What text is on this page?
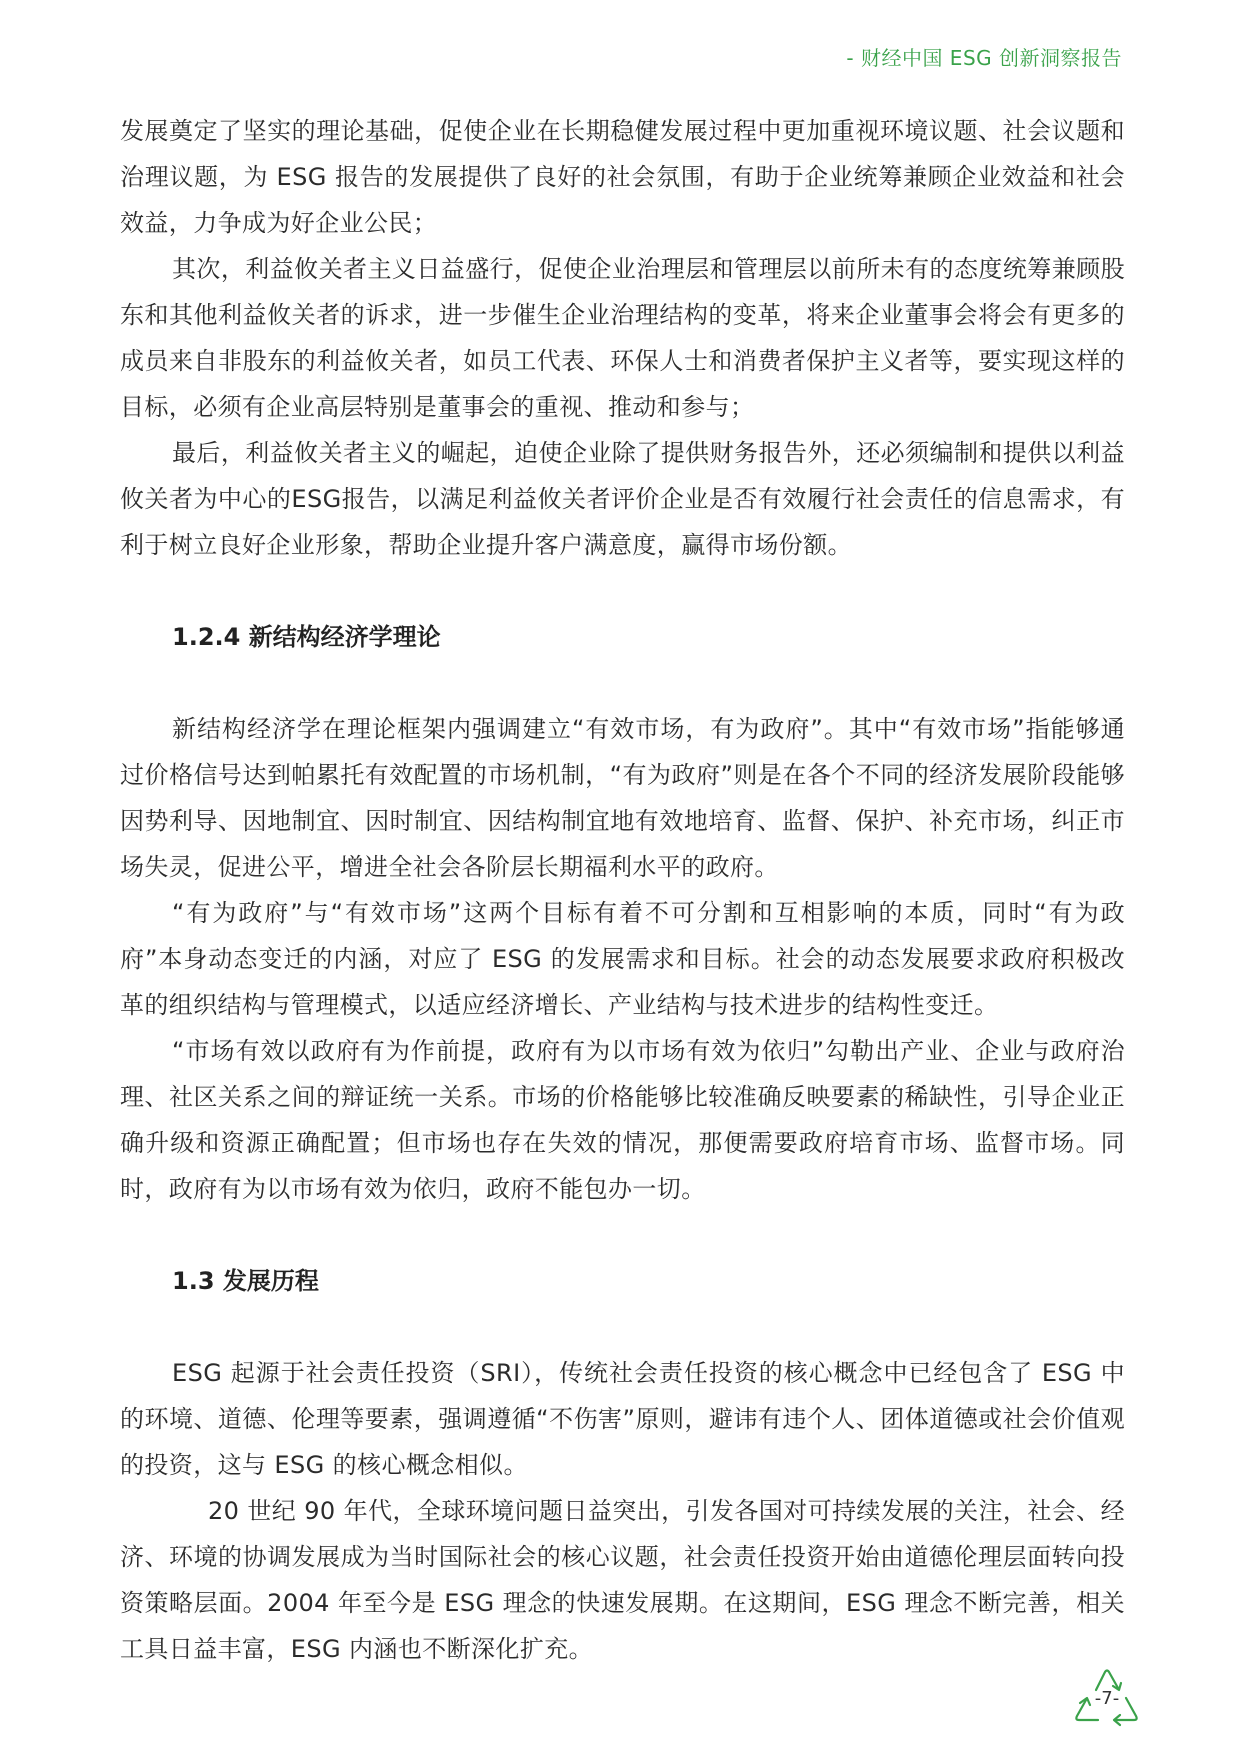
- 财经中国 ESG 创新洞察报告

发展奠定了坚实的理论基础，促使企业在长期稳健发展过程中更加重视环境议题、社会议题和治理议题，为 ESG 报告的发展提供了良好的社会氛围，有助于企业统筹兼顾企业效益和社会效益，力争成为好企业公民；

其次，利益攸关者主义日益盛行，促使企业治理层和管理层以前所未有的态度统筹兼顾股东和其他利益攸关者的诉求，进一步催生企业治理结构的变革，将来企业董事会将会有更多的成员来自非股东的利益攸关者，如员工代表、环保人士和消费者保护主义者等，要实现这样的目标，必须有企业高层特别是董事会的重视、推动和参与；

最后，利益攸关者主义的崛起，迫使企业除了提供财务报告外，还必须编制和提供以利益攸关者为中心的ESG报告，以满足利益攸关者评价企业是否有效履行社会责任的信息需求，有利于树立良好企业形象，帮助企业提升客户满意度，赢得市场份额。

1.2.4 新结构经济学理论

新结构经济学在理论框架内强调建立“有效市场，有为政府”。其中“有效市场”指能够通过价格信号达到帕累托有效配置的市场机制，“有为政府”则是在各个不同的经济发展阶段能够因势利导、因地制宜、因时制宜、因结构制宜地有效地培育、监督、保护、补充市场，纠正市场失灵，促进公平，增进全社会各阶层长期福利水平的政府。

“有为政府”与“有效市场”这两个目标有着不可分割和互相影响的本质，同时“有为政府”本身动态变迁的内涵，对应了 ESG 的发展需求和目标。社会的动态发展要求政府积极改革的组织结构与管理模式，以适应经济增长、产业结构与技术进步的结构性变迁。

“市场有效以政府有为作前提，政府有为以市场有效为依归”勾勒出产业、企业与政府治理、社区关系之间的辩证统一关系。市场的价格能够比较准确反映要素的稀缺性，引导企业正确升级和资源正确配置；但市场也存在失效的情况，那便需要政府培育市场、监督市场。同时，政府有为以市场有效为依归，政府不能包办一切。

1.3 发展历程

ESG 起源于社会责任投资（SRI），传统社会责任投资的核心概念中已经包含了 ESG 中的环境、道德、伦理等要素，强调遵循“不伤害”原则，避讳有违个人、团体道德或社会价值观的投资，这与 ESG 的核心概念相似。

20 世纪 90 年代，全球环境问题日益突出，引发各国对可持续发展的关注，社会、经济、环境的协调发展成为当时国际社会的核心议题，社会责任投资开始由道德伦理层面转向投资策略层面。2004 年至今是 ESG 理念的快速发展期。在这期间，ESG 理念不断完善，相关工具日益丰富，ESG 内涵也不断深化扩充。

-7-
